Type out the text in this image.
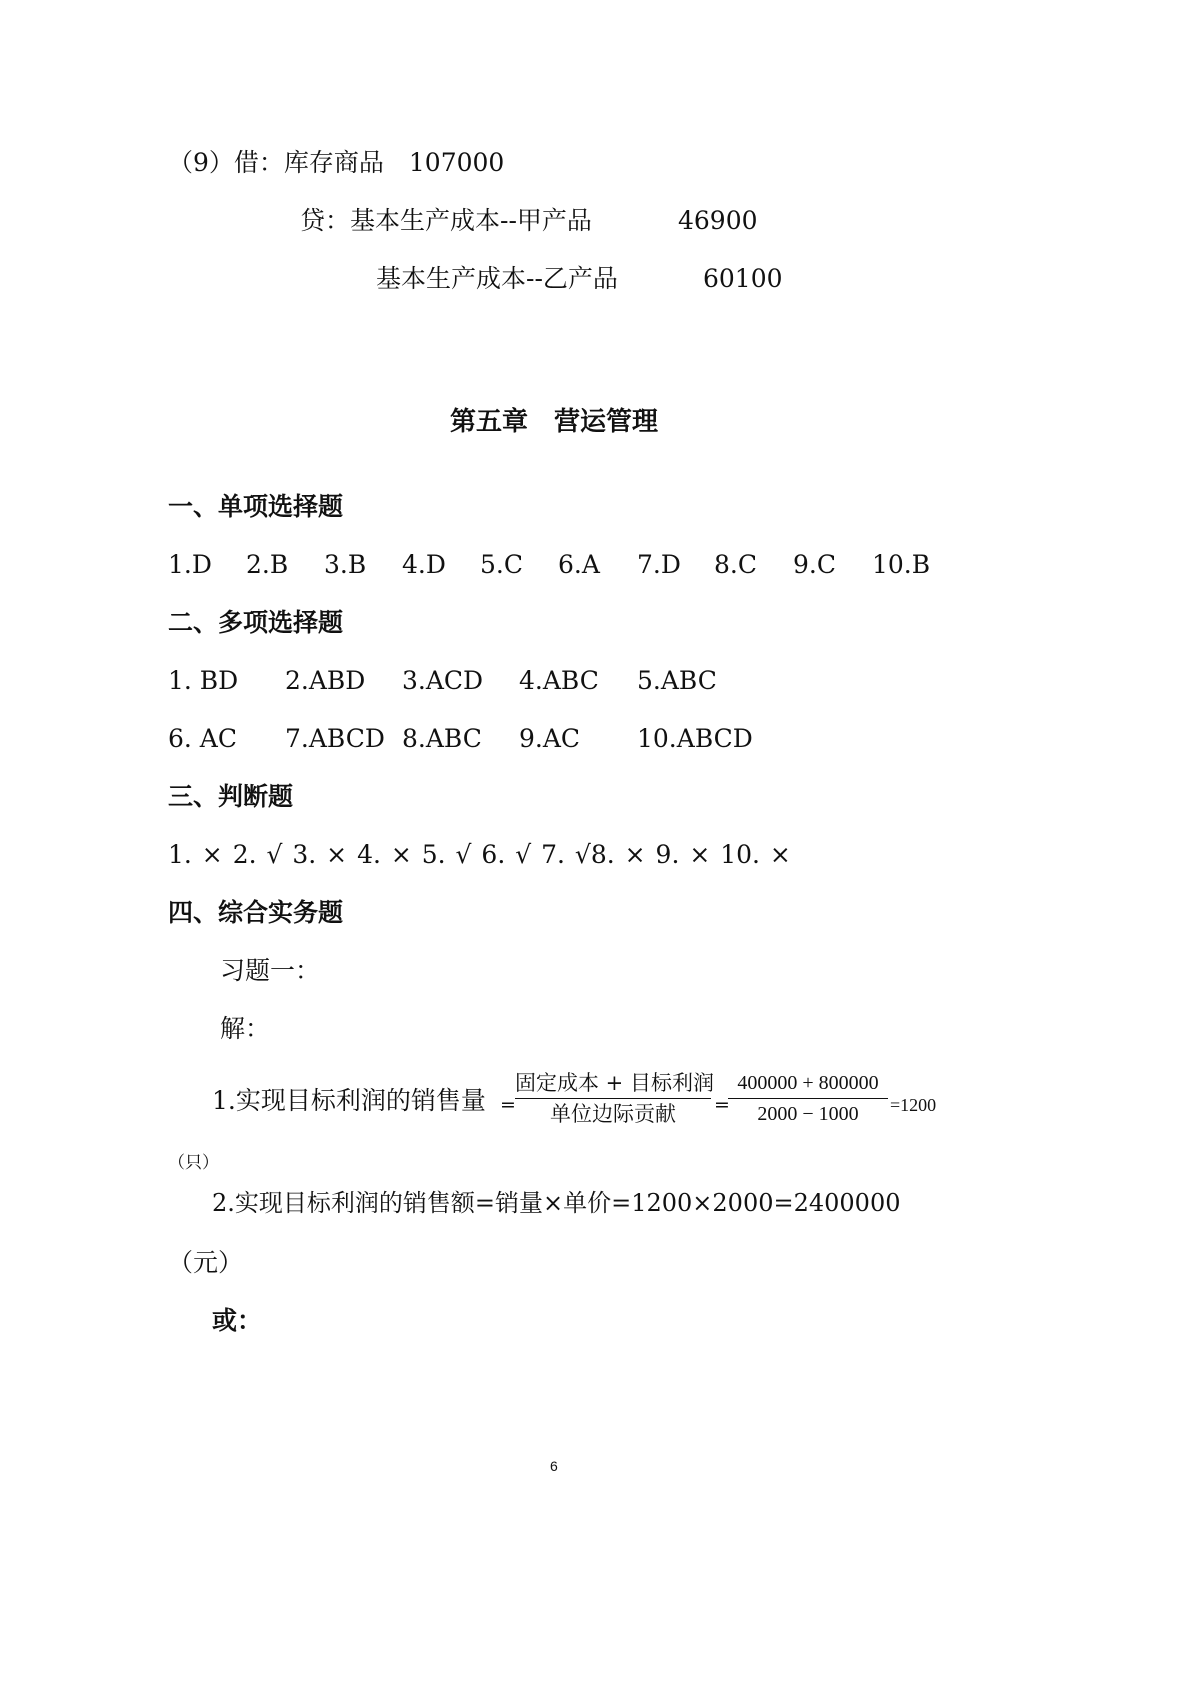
（9）借：库存商品　107000
贷：基本生产成本--甲产品	46900
基本生产成本--乙产品	60100
第五章　营运管理
一、单项选择题
1.D 2.B 3.B 4.D 5.C 6.A 7.D 8.C 9.C 10.B
二、多项选择题
1. BD 2.ABD 3.ACD 4.ABC 5.ABC
6. AC 7.ABCD 8.ABC 9.AC 10.ABCD
三、判断题
1. × 2. √ 3. × 4. × 5. √ 6. √ 7. √8. × 9. × 10. ×
四、综合实务题
习题一：
解：
1.实现目标利润的销售量 =
固定成本 + 目标利润
单位边际贡献	=
400000 + 800000
2000 − 1000	=1200
（只）
2.实现目标利润的销售额=销量×单价=1200×2000=2400000
（元）
或：
6
